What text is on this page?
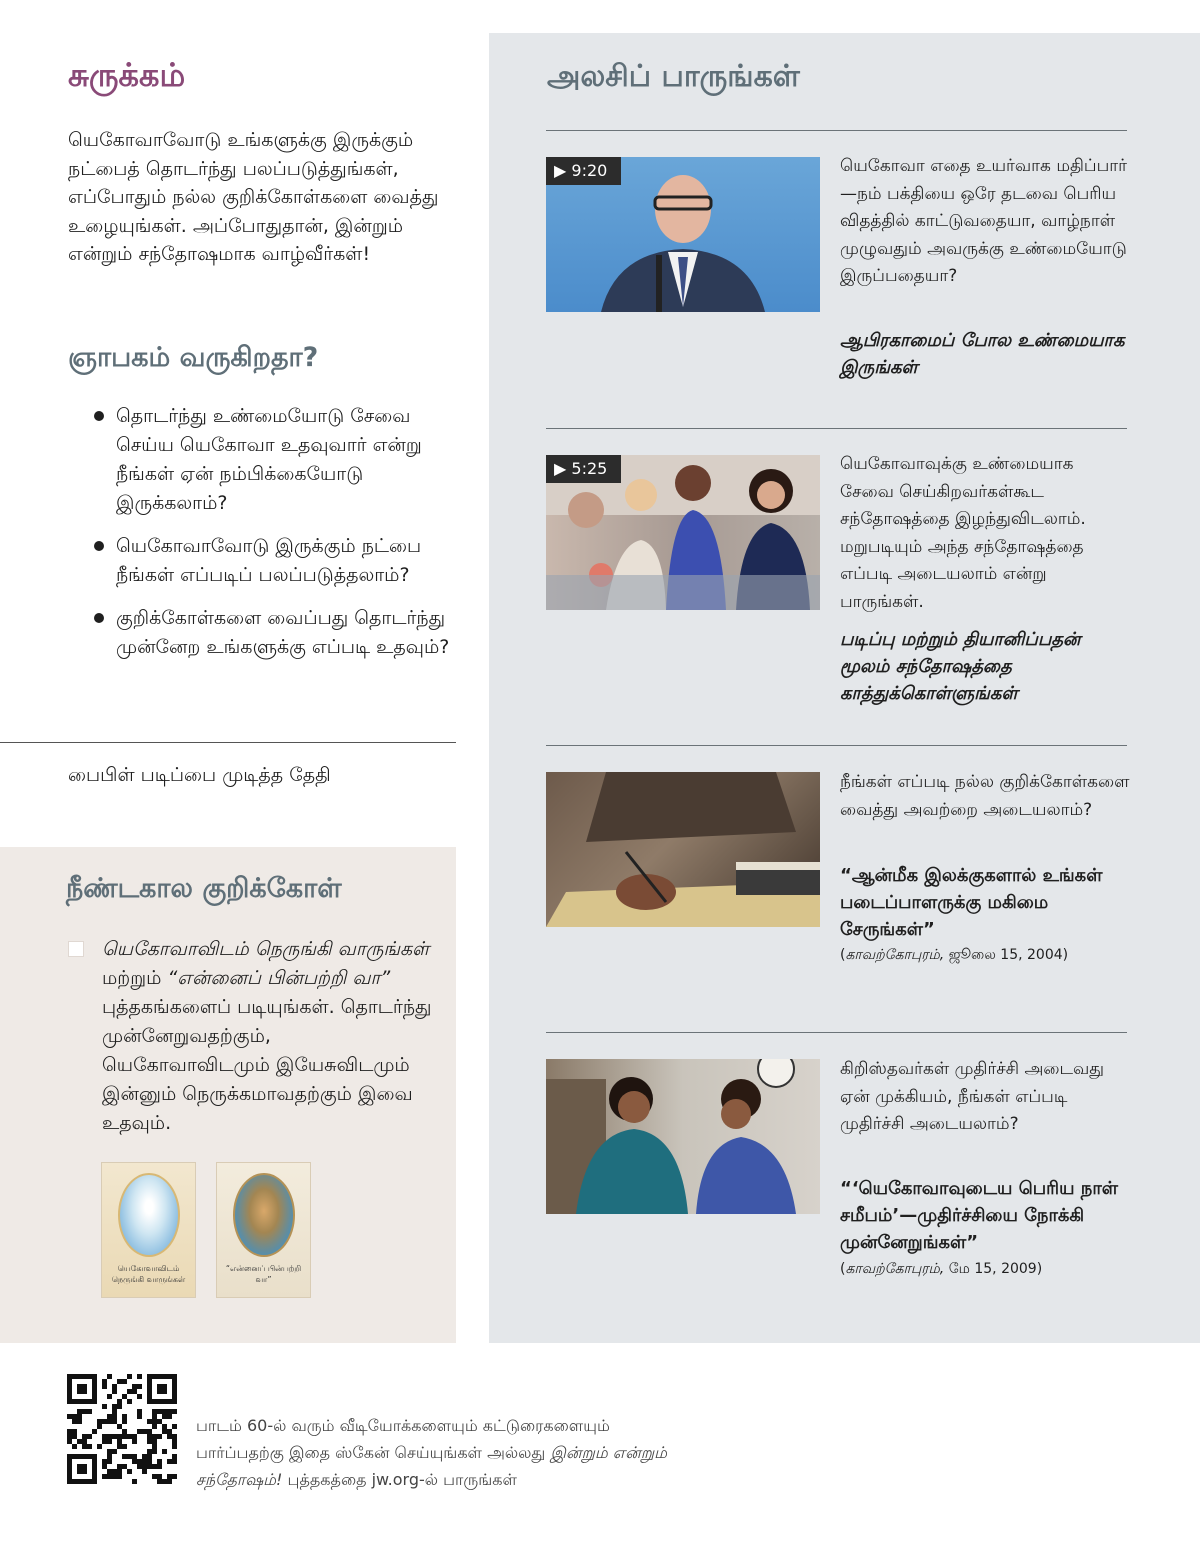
சுருக்கம்

யெகோவாவோடு உங்களுக்கு இருக்கும் நட்பைத் தொடர்ந்து பலப்படுத்துங்கள், எப்போதும் நல்ல குறிக்கோள்களை வைத்து உழையுங்கள். அப்போதுதான், இன்றும் என்றும் சந்தோஷமாக வாழ்வீர்கள்!

ஞாபகம் வருகிறதா?
தொடர்ந்து உண்மையோடு சேவை செய்ய யெகோவா உதவுவார் என்று நீங்கள் ஏன் நம்பிக்கையோடு இருக்கலாம்?
யெகோவாவோடு இருக்கும் நட்பை நீங்கள் எப்படிப் பலப்படுத்தலாம்?
குறிக்கோள்களை வைப்பது தொடர்ந்து முன்னேற உங்களுக்கு எப்படி உதவும்?
பைபிள் படிப்பை முடித்த தேதி
நீண்டகால குறிக்கோள்

யெகோவாவிடம் நெருங்கி வாருங்கள் மற்றும் “என்னைப் பின்பற்றி வா” புத்தகங்களைப் படியுங்கள். தொடர்ந்து முன்னேறுவதற்கும், யெகோவாவிடமும் இயேசுவிடமும் இன்னும் நெருக்கமாவதற்கும் இவை உதவும்.

யெகோவாவிடம் நெருங்கி வாருங்கள்
“என்னைப் பின்பற்றி வா”
அலசிப் பாருங்கள்
▶ 9:20	யெகோவா எதை உயர்வாக மதிப்பார்—நம் பக்தியை ஒரே தடவை பெரிய விதத்தில் காட்டுவதையா, வாழ்நாள் முழுவதும் அவருக்கு உண்மையோடு இருப்பதையா?

ஆபிரகாமைப் போல உண்மையாக இருங்கள்

▶ 5:25	யெகோவாவுக்கு உண்மையாக சேவை செய்கிறவர்கள்கூட சந்தோஷத்தை இழந்துவிடலாம். மறுபடியும் அந்த சந்தோஷத்தை எப்படி அடையலாம் என்று பாருங்கள்.

படிப்பு மற்றும் தியானிப்பதன் மூலம் சந்தோஷத்தை காத்துக்கொள்ளுங்கள்

நீங்கள் எப்படி நல்ல குறிக்கோள்களை வைத்து அவற்றை அடையலாம்?

“ஆன்மீக இலக்குகளால் உங்கள் படைப்பாளருக்கு மகிமை சேருங்கள்”

(காவற்கோபுரம், ஜூலை 15, 2004)

கிறிஸ்தவர்கள் முதிர்ச்சி அடைவது ஏன் முக்கியம், நீங்கள் எப்படி முதிர்ச்சி அடையலாம்?

“‘யெகோவாவுடைய பெரிய நாள் சமீபம்’—முதிர்ச்சியை நோக்கி முன்னேறுங்கள்”

(காவற்கோபுரம், மே 15, 2009)

பாடம் 60-ல் வரும் வீடியோக்களையும் கட்டுரைகளையும் பார்ப்பதற்கு இதை ஸ்கேன் செய்யுங்கள் அல்லது இன்றும் என்றும் சந்தோஷம்! புத்தகத்தை jw.org-ல் பாருங்கள்
